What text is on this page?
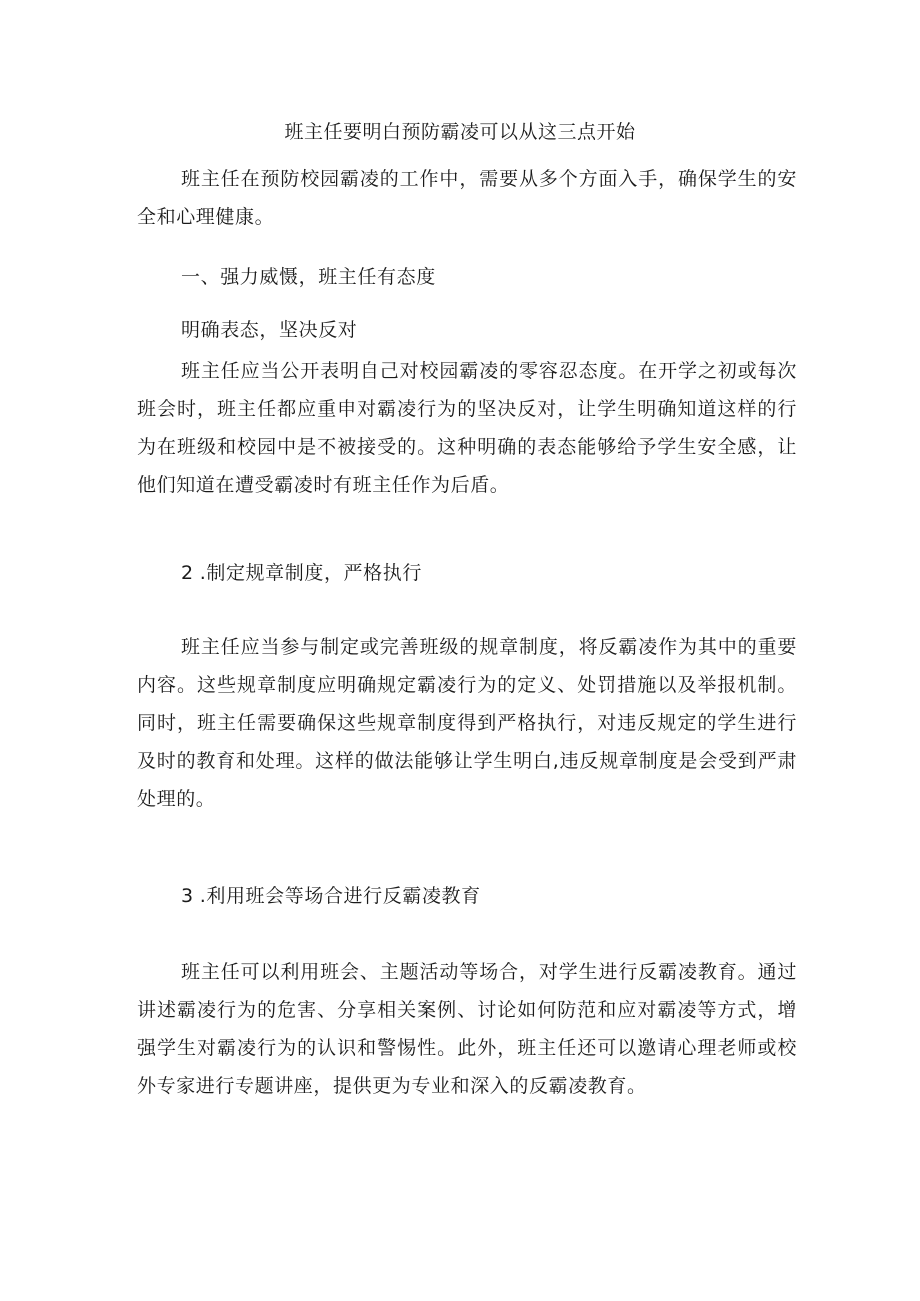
班主任要明白预防霸凌可以从这三点开始

班主任在预防校园霸凌的工作中，需要从多个方面入手，确保学生的安全和心理健康。

一、强力威慑，班主任有态度

明确表态，坚决反对

班主任应当公开表明自己对校园霸凌的零容忍态度。在开学之初或每次班会时，班主任都应重申对霸凌行为的坚决反对，让学生明确知道这样的行为在班级和校园中是不被接受的。这种明确的表态能够给予学生安全感，让他们知道在遭受霸凌时有班主任作为后盾。

2 .制定规章制度，严格执行

班主任应当参与制定或完善班级的规章制度，将反霸凌作为其中的重要内容。这些规章制度应明确规定霸凌行为的定义、处罚措施以及举报机制。同时，班主任需要确保这些规章制度得到严格执行，对违反规定的学生进行及时的教育和处理。这样的做法能够让学生明白,违反规章制度是会受到严肃处理的。

3 .利用班会等场合进行反霸凌教育

班主任可以利用班会、主题活动等场合，对学生进行反霸凌教育。通过讲述霸凌行为的危害、分享相关案例、讨论如何防范和应对霸凌等方式，增强学生对霸凌行为的认识和警惕性。此外，班主任还可以邀请心理老师或校外专家进行专题讲座，提供更为专业和深入的反霸凌教育。
